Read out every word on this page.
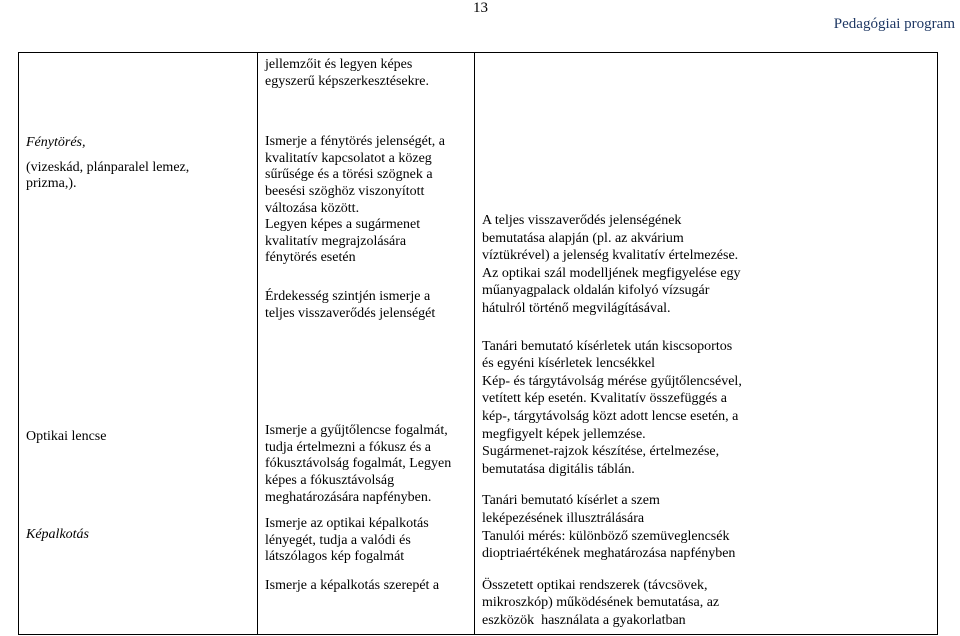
13
Pedagógiai program
Fénytörés,
(vizeskád, plánparalel lemez,
prizma,).
Optikai lencse
Képalkotás
jellemzőit és legyen képes
egyszerű képszerkesztésekre.
Ismerje a fénytörés jelenségét, a
kvalitatív kapcsolatot a közeg
sűrűsége és a törési szögnek a
beesési szöghöz viszonyított
változása között.
Legyen képes a sugármenet
kvalitatív megrajzolására
fénytörés esetén
Érdekesség szintjén ismerje a
teljes visszaverődés jelenségét
Ismerje a gyűjtőlencse fogalmát,
tudja értelmezni a fókusz és a
fókusztávolság fogalmát, Legyen
képes a fókusztávolság
meghatározására napfényben.
Ismerje az optikai képalkotás
lényegét, tudja a valódi és
látszólagos kép fogalmát
Ismerje a képalkotás szerepét a
A teljes visszaverődés jelenségének
bemutatása alapján (pl. az akvárium
víztükrével) a jelenség kvalitatív értelmezése.
Az optikai szál modelljének megfigyelése egy
műanyagpalack oldalán kifolyó vízsugár
hátulról történő megvilágításával.
Tanári bemutató kísérletek után kiscsoportos
és egyéni kísérletek lencsékkel
Kép- és tárgytávolság mérése gyűjtőlencsével,
vetített kép esetén. Kvalitatív összefüggés a
kép-, tárgytávolság közt adott lencse esetén, a
megfigyelt képek jellemzése.
Sugármenet-rajzok készítése, értelmezése,
bemutatása digitális táblán.
Tanári bemutató kísérlet a szem
leképezésének illusztrálására
Tanulói mérés: különböző szemüveglencsék
dioptriaértékének meghatározása napfényben
Összetett optikai rendszerek (távcsövek,
mikroszkóp) működésének bemutatása, az
eszközök  használata a gyakorlatban
